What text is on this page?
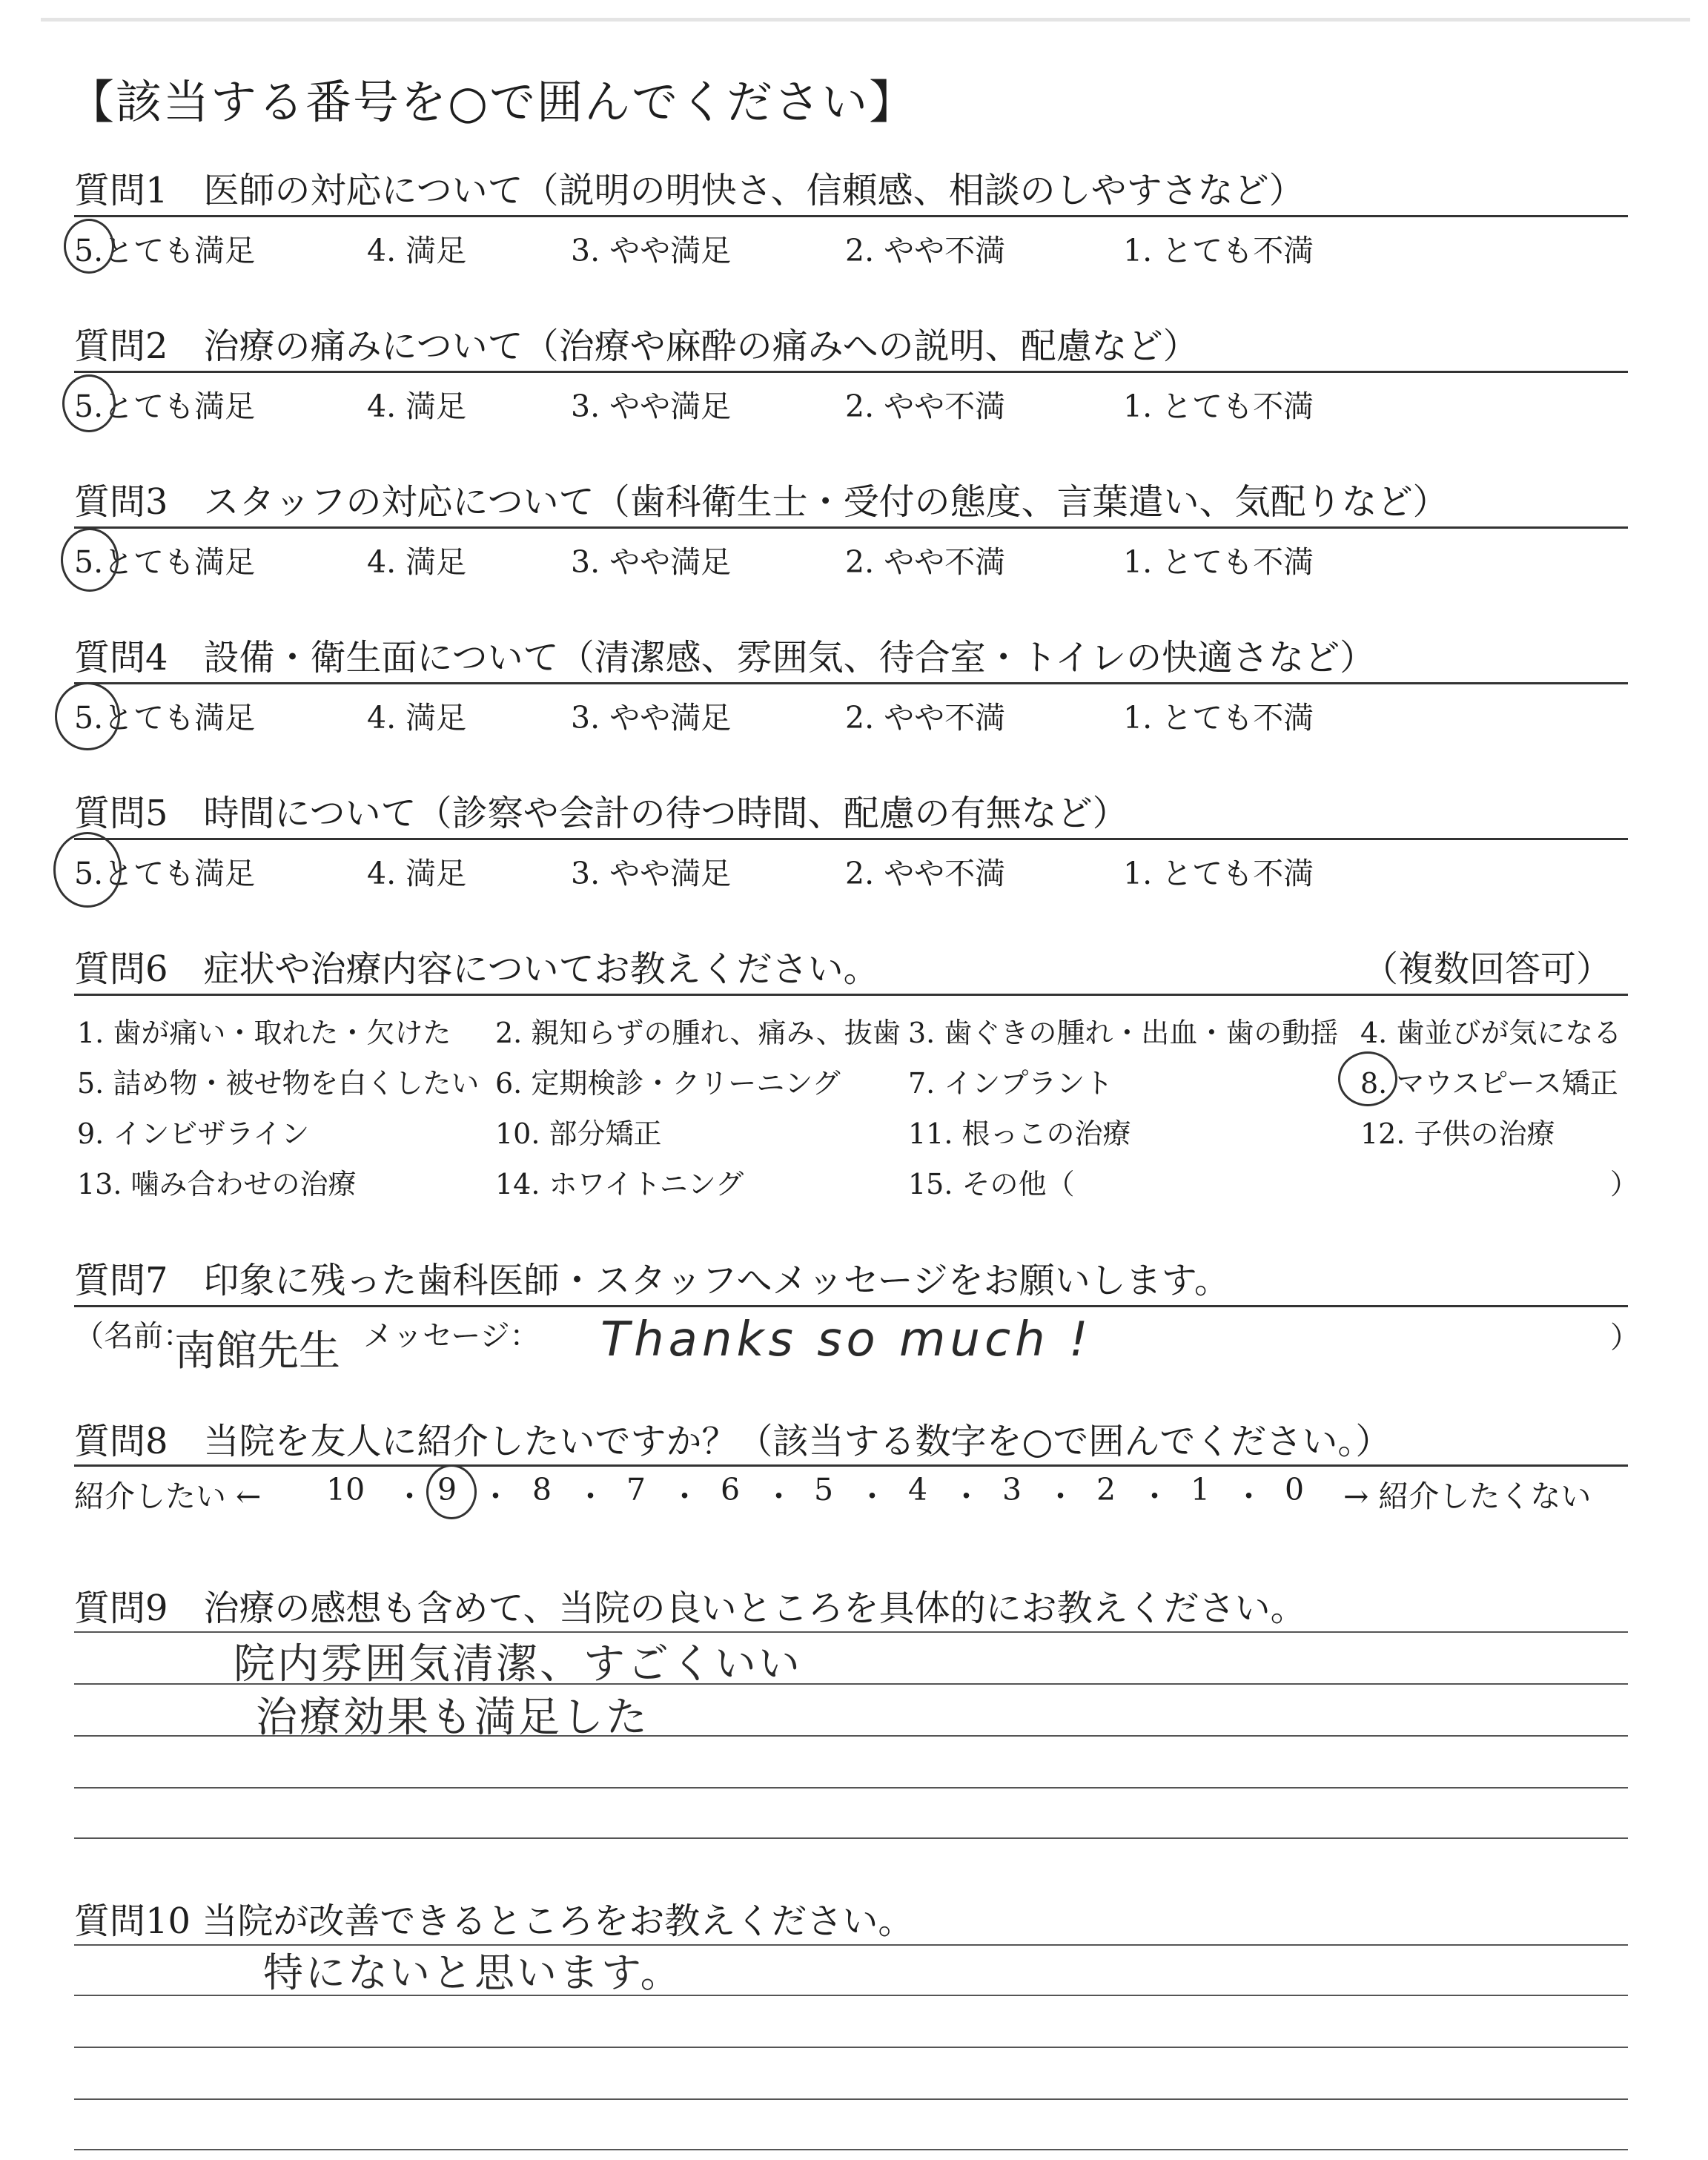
【該当する番号を○で囲んでください】
質問1　医師の対応について（説明の明快さ、信頼感、相談のしやすさなど）
5.とても満足	4. 満足	3. やや満足	2. やや不満	1. とても不満
質問2　治療の痛みについて（治療や麻酔の痛みへの説明、配慮など）
5.とても満足	4. 満足	3. やや満足	2. やや不満	1. とても不満
質問3　スタッフの対応について（歯科衛生士・受付の態度、言葉遣い、気配りなど）
5.とても満足	4. 満足	3. やや満足	2. やや不満	1. とても不満
質問4　設備・衛生面について（清潔感、雰囲気、待合室・トイレの快適さなど）
5.とても満足	4. 満足	3. やや満足	2. やや不満	1. とても不満
質問5　時間について（診察や会計の待つ時間、配慮の有無など）
5.とても満足	4. 満足	3. やや満足	2. やや不満	1. とても不満
質問6　症状や治療内容についてお教えください。	（複数回答可）
1. 歯が痛い・取れた・欠けた 2. 親知らずの腫れ、痛み、抜歯 3. 歯ぐきの腫れ・出血・歯の動揺 4. 歯並びが気になる
5. 詰め物・被せ物を白くしたい 6. 定期検診・クリーニング 7. インプラント	8. マウスピース矯正
9. インビザライン	10. 部分矯正	11. 根っこの治療	12. 子供の治療
13. 噛み合わせの治療	14. ホワイトニング	15. その他（	）
質問7　印象に残った歯科医師・スタッフへメッセージをお願いします。
（名前：
南館先生 メッセージ： Thanks so much !	）
質問8　当院を友人に紹介したいですか？（該当する数字を○で囲んでください。）
紹介したい ← 10 ・ 9 ・ 8 ・ 7 ・ 6 ・ 5 ・ 4 ・ 3 ・ 2 ・ 1 ・ 0 → 紹介したくない
質問9　治療の感想も含めて、当院の良いところを具体的にお教えください。
院内雰囲気清潔、すごくいい
治療効果も満足した
質問10 当院が改善できるところをお教えください。
特にないと思います。
